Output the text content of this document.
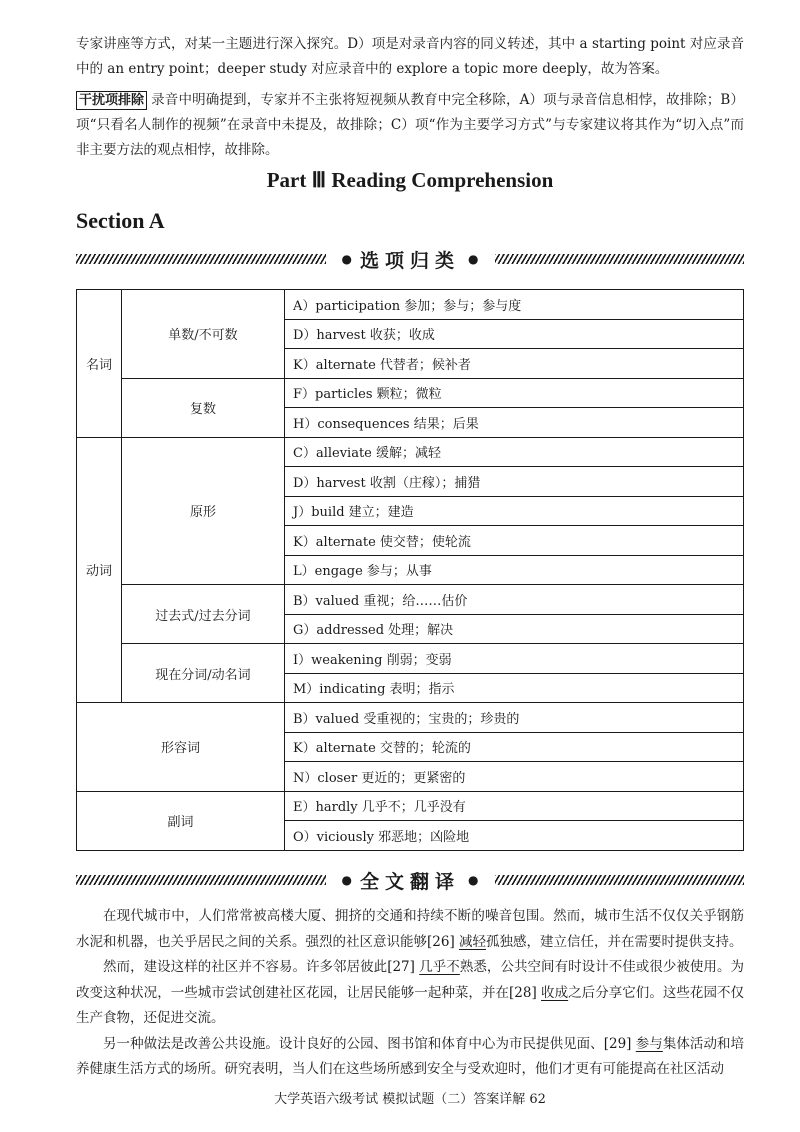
专家讲座等方式，对某一主题进行深入探究。D）项是对录音内容的同义转述，其中 a starting point 对应录音中的 an entry point；deeper study 对应录音中的 explore a topic more deeply，故为答案。

干扰项排除 录音中明确提到，专家并不主张将短视频从教育中完全移除，A）项与录音信息相悖，故排除；B）项“只看名人制作的视频”在录音中未提及，故排除；C）项“作为主要学习方式”与专家建议将其作为“切入点”而非主要方法的观点相悖，故排除。

Part Ⅲ Reading Comprehension
Section A
● 选项归类 ●
名词	单数/不可数	A）participation 参加；参与；参与度
		D）harvest 收获；收成
		K）alternate 代替者；候补者
	复数	F）particles 颗粒；微粒
		H）consequences 结果；后果
动词	原形	C）alleviate 缓解；减轻
		D）harvest 收割（庄稼）；捕猎
		J）build 建立；建造
		K）alternate 使交替；使轮流
		L）engage 参与；从事
	过去式/过去分词	B）valued 重视；给……估价
		G）addressed 处理；解决
	现在分词/动名词	I）weakening 削弱；变弱
		M）indicating 表明；指示
形容词		B）valued 受重视的；宝贵的；珍贵的
		K）alternate 交替的；轮流的
		N）closer 更近的；更紧密的
副词		E）hardly 几乎不；几乎没有
		O）viciously 邪恶地；凶险地
● 全文翻译 ●

在现代城市中，人们常常被高楼大厦、拥挤的交通和持续不断的噪音包围。然而，城市生活不仅仅关乎钢筋水泥和机器，也关乎居民之间的关系。强烈的社区意识能够[26] 减轻孤独感，建立信任，并在需要时提供支持。

然而，建设这样的社区并不容易。许多邻居彼此[27] 几乎不熟悉，公共空间有时设计不佳或很少被使用。为改变这种状况，一些城市尝试创建社区花园，让居民能够一起种菜，并在[28] 收成之后分享它们。这些花园不仅生产食物，还促进交流。

另一种做法是改善公共设施。设计良好的公园、图书馆和体育中心为市民提供见面、[29] 参与集体活动和培养健康生活方式的场所。研究表明，当人们在这些场所感到安全与受欢迎时，他们才更有可能提高在社区活动

大学英语六级考试 模拟试题（二）答案详解 62
